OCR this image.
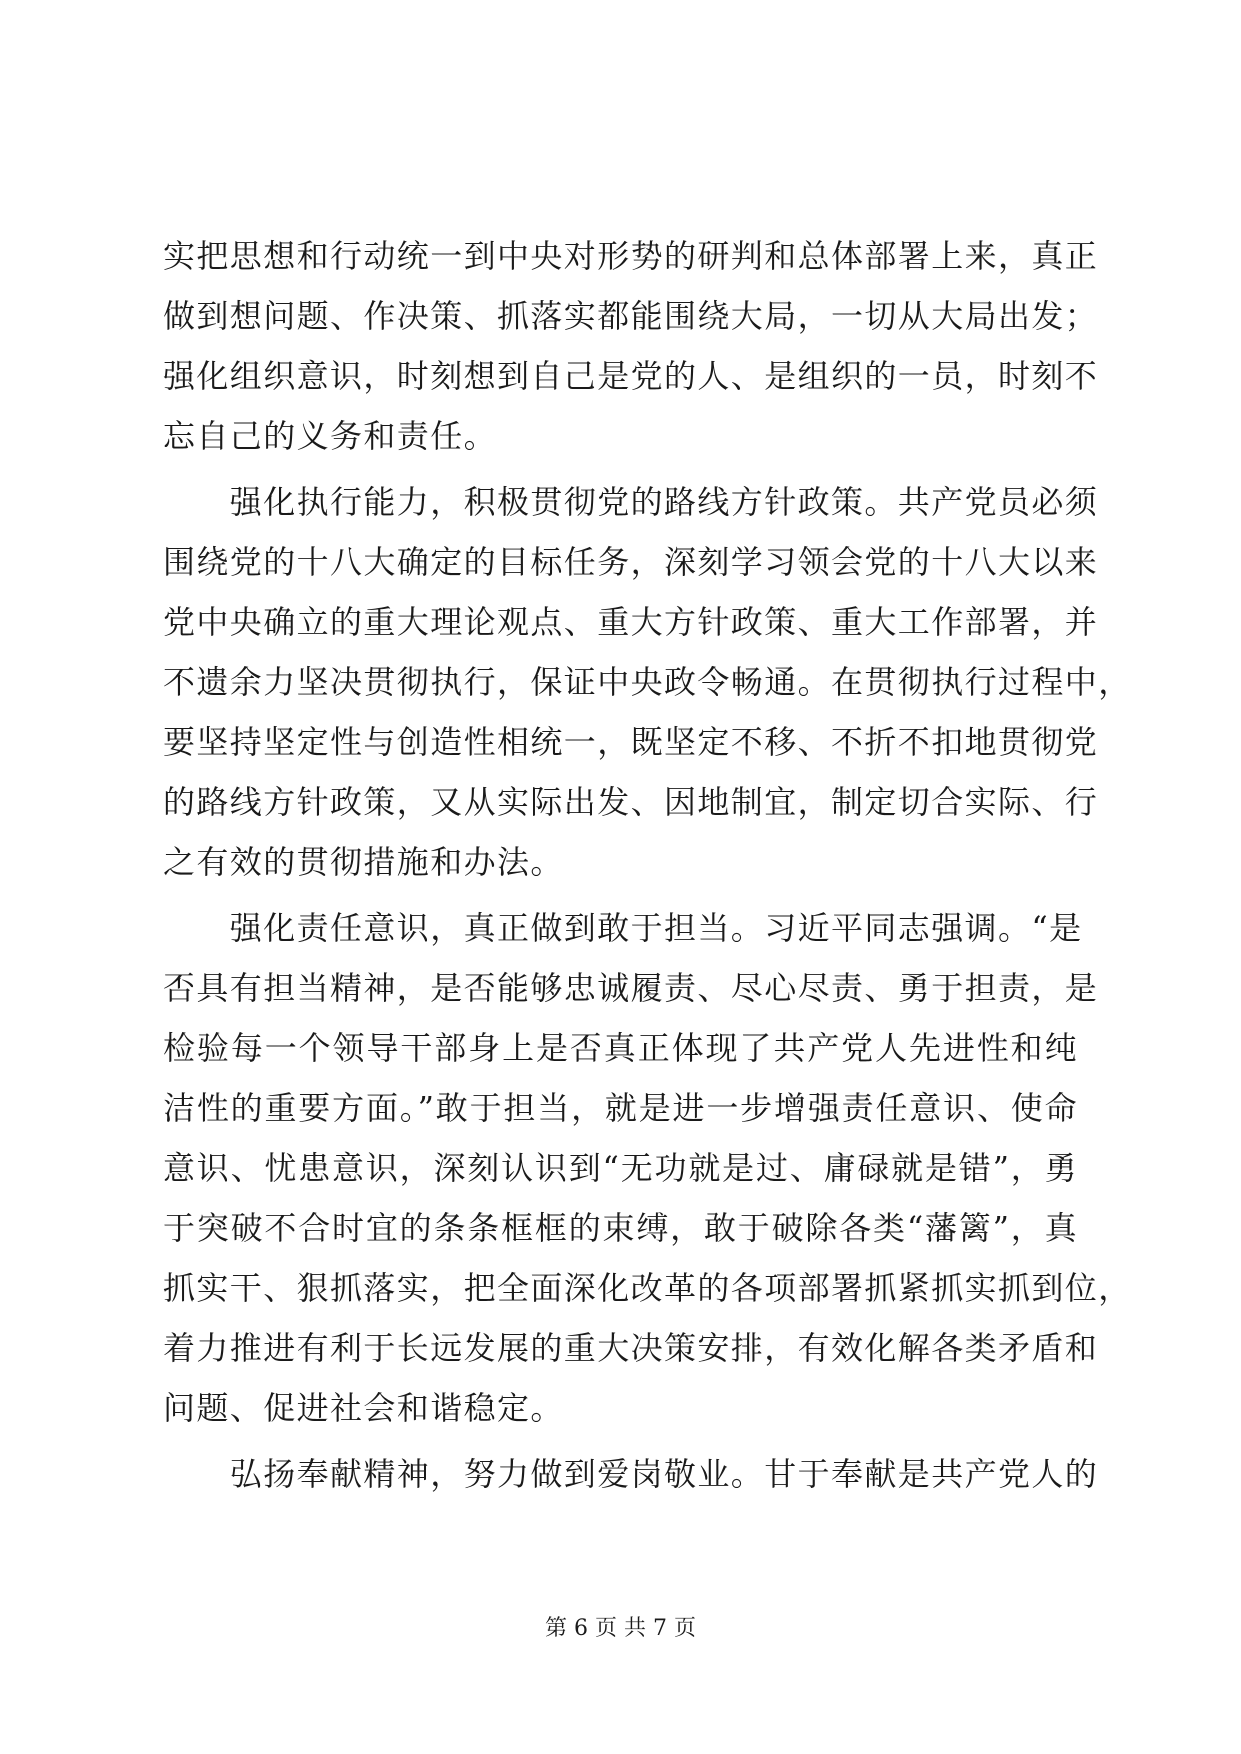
实把思想和行动统一到中央对形势的研判和总体部署上来，真正
做到想问题、作决策、抓落实都能围绕大局，一切从大局出发；
强化组织意识，时刻想到自己是党的人、是组织的一员，时刻不
忘自己的义务和责任。
　　强化执行能力，积极贯彻党的路线方针政策。共产党员必须
围绕党的十八大确定的目标任务，深刻学习领会党的十八大以来
党中央确立的重大理论观点、重大方针政策、重大工作部署，并
不遗余力坚决贯彻执行，保证中央政令畅通。在贯彻执行过程中，
要坚持坚定性与创造性相统一，既坚定不移、不折不扣地贯彻党
的路线方针政策，又从实际出发、因地制宜，制定切合实际、行
之有效的贯彻措施和办法。
　　强化责任意识，真正做到敢于担当。习近平同志强调。“是
否具有担当精神，是否能够忠诚履责、尽心尽责、勇于担责，是
检验每一个领导干部身上是否真正体现了共产党人先进性和纯
洁性的重要方面。”敢于担当，就是进一步增强责任意识、使命
意识、忧患意识，深刻认识到“无功就是过、庸碌就是错”，勇
于突破不合时宜的条条框框的束缚，敢于破除各类“藩篱”，真
抓实干、狠抓落实，把全面深化改革的各项部署抓紧抓实抓到位，
着力推进有利于长远发展的重大决策安排，有效化解各类矛盾和
问题、促进社会和谐稳定。
　　弘扬奉献精神，努力做到爱岗敬业。甘于奉献是共产党人的
第 6 页 共 7 页
